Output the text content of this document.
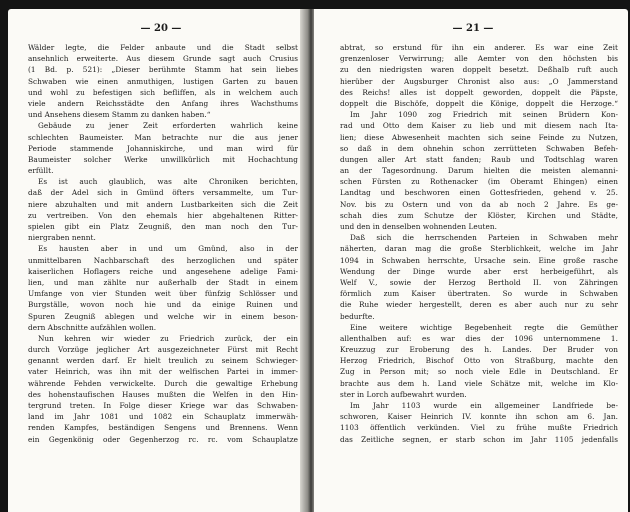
— 20 —
Wälder legte, die Felder anbaute und die Stadt selbst
ansehnlich erweiterte. Aus diesem Grunde sagt auch Crusius
(1 Bd. p. 521): „Dieser berühmte Stamm hat sein liebes
Schwaben wie einen anmuthigen, lustigen Garten zu bauen
und wohl zu befestigen sich befliffen, als in welchem auch
viele andern Reichsstädte den Anfang ihres Wachsthums
und Ansehens diesem Stamm zu danken haben.“
Gebäude zu jener Zeit erforderten wahrlich keine
schlechten Baumeister. Man betrachte nur die aus jener
Periode stammende Johanniskirche, und man wird für
Baumeister solcher Werke unwillkürlich mit Hochachtung
erfüllt.
Es ist auch glaublich, was alte Chroniken berichten,
daß der Adel sich in Gmünd öfters versammelte, um Tur-
niere abzuhalten und mit andern Lustbarkeiten sich die Zeit
zu vertreiben. Von den ehemals hier abgehaltenen Ritter-
spielen gibt ein Platz Zeugniß, den man noch den Tur-
niergraben nennt.
Es hausten aber in und um Gmünd, also in der
unmittelbaren Nachbarschaft des herzoglichen und später
kaiserlichen Hoflagers reiche und angesehene adelige Fami-
lien, und man zählte nur außerhalb der Stadt in einem
Umfange von vier Stunden weit über fünfzig Schlösser und
Burgställe, wovon noch hie und da einige Ruinen und
Spuren Zeugniß ablegen und welche wir in einem beson-
dern Abschnitte aufzählen wollen.
Nun kehren wir wieder zu Friedrich zurück, der ein
durch Vorzüge jeglicher Art ausgezeichneter Fürst mit Recht
genannt werden darf. Er hielt treulich zu seinem Schwieger-
vater Heinrich, was ihn mit der welfischen Partei in immer-
währende Fehden verwickelte. Durch die gewaltige Erhebung
des hohenstaufischen Hauses mußten die Welfen in den Hin-
tergrund treten. In Folge dieser Kriege war das Schwaben-
land im Jahr 1081 und 1082 ein Schauplatz immerwäh-
renden Kampfes, beständigen Sengens und Brennens. Wenn
ein Gegenkönig oder Gegenherzog rc. rc. vom Schauplatze
— 21 —
abtrat, so erstund für ihn ein anderer. Es war eine Zeit
grenzenloser Verwirrung; alle Aemter von den höchsten bis
zu den niedrigsten waren doppelt besetzt. Deßhalb ruft auch
hierüber der Augsburger Chronist also aus: „O Jammerstand
des Reichs! alles ist doppelt geworden, doppelt die Päpste,
doppelt die Bischöfe, doppelt die Könige, doppelt die Herzoge.“
Im Jahr 1090 zog Friedrich mit seinen Brüdern Kon-
rad und Otto dem Kaiser zu lieb und mit diesem nach Ita-
lien; diese Abwesenheit machten sich seine Feinde zu Nutzen,
so daß in dem ohnehin schon zerrütteten Schwaben Befeh-
dungen aller Art statt fanden; Raub und Todtschlag waren
an der Tagesordnung. Darum hielten die meisten alemanni-
schen Fürsten zu Rothenacker (im Oberamt Ehingen) einen
Landtag und beschworen einen Gottesfrieden, gehend v. 25.
Nov. bis zu Ostern und von da ab noch 2 Jahre. Es ge-
schah dies zum Schutze der Klöster, Kirchen und Städte,
und den in denselben wohnenden Leuten.
Daß sich die herrschenden Parteien in Schwaben mehr
näherten, daran mag die große Sterblichkeit, welche im Jahr
1094 in Schwaben herrschte, Ursache sein. Eine große rasche
Wendung der Dinge wurde aber erst herbeigeführt, als
Welf V., sowie der Herzog Berthold II. von Zähringen
förmlich zum Kaiser übertraten. So wurde in Schwaben
die Ruhe wieder hergestellt, deren es aber auch nur zu sehr
bedurfte.
Eine weitere wichtige Begebenheit regte die Gemüther
allenthalben auf: es war dies der 1096 unternommene 1.
Kreuzzug zur Eroberung des h. Landes. Der Bruder von
Herzog Friedrich, Bischof Otto von Straßburg, machte den
Zug in Person mit; so noch viele Edle in Deutschland. Er
brachte aus dem h. Land viele Schätze mit, welche im Klo-
ster in Lorch aufbewahrt wurden.
Im Jahr 1103 wurde ein allgemeiner Landfriede be-
schworen, Kaiser Heinrich IV. konnte ihn schon am 6. Jan.
1103 öffentlich verkünden. Viel zu frühe mußte Friedrich
das Zeitliche segnen, er starb schon im Jahr 1105 jedenfalls
